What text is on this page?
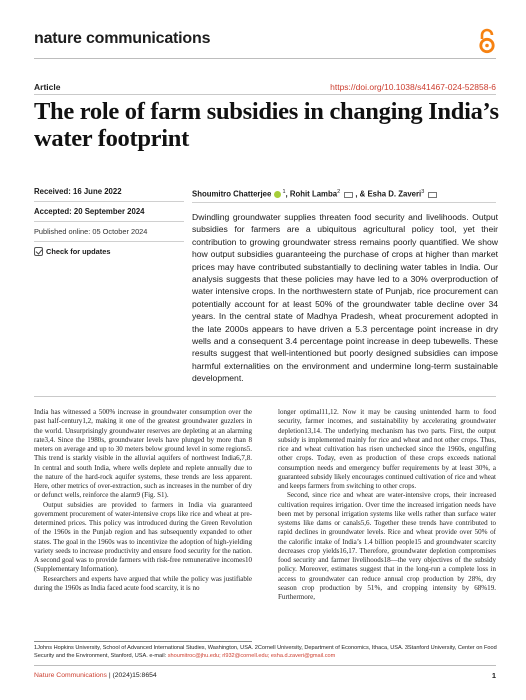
nature communications
Article	https://doi.org/10.1038/s41467-024-52858-6
The role of farm subsidies in changing India’s water footprint
Received: 16 June 2022
Accepted: 20 September 2024
Published online: 05 October 2024
Check for updates
Shoumitro Chatterjee $^1$, Rohit Lamba$^2$ , & Esha D. Zaveri$^3$
Dwindling groundwater supplies threaten food security and livelihoods. Output subsidies for farmers are a ubiquitous agricultural policy tool, yet their contribution to growing groundwater stress remains poorly quantified. We show how output subsidies guaranteeing the purchase of crops at higher than market prices may have contributed substantially to declining water tables in India. Our analysis suggests that these policies may have led to a 30% overproduction of water intensive crops. In the northwestern state of Punjab, rice procurement can potentially account for at least 50% of the groundwater table decline over 34 years. In the central state of Madhya Pradesh, wheat procurement adopted in the late 2000s appears to have driven a 5.3 percentage point increase in dry wells and a consequent 3.4 percentage point increase in deep tubewells. These results suggest that well-intentioned but poorly designed subsidies can impose harmful externalities on the environment and undermine long-term sustainable development.

India has witnessed a 500% increase in groundwater consumption over the past half-century1,2, making it one of the greatest groundwater guzzlers in the world. Unsurprisingly groundwater reserves are depleting at an alarming rate3,4. Since the 1980s, groundwater levels have plunged by more than 8 meters on average and up to 30 meters below ground level in some regions5. This trend is starkly visible in the alluvial aquifers of northwest India6,7,8. In central and south India, where wells deplete and replete annually due to the nature of the hard-rock aquifer systems, these trends are less apparent. Here, other metrics of over-extraction, such as increases in the number of dry or defunct wells, reinforce the alarm9 (Fig. S1).

Output subsidies are provided to farmers in India via guaranteed government procurement of water-intensive crops like rice and wheat at pre-determined prices. This policy was introduced during the Green Revolution of the 1960s in the Punjab region and has subsequently expanded to other states. The goal in the 1960s was to incentivize the adoption of high-yielding variety seeds to increase productivity and ensure food security for the nation. A second goal was to provide farmers with risk-free remunerative incomes10 (Supplementary Information).

Researchers and experts have argued that while the policy was justifiable during the 1960s as India faced acute food scarcity, it is no

longer optimal11,12. Now it may be causing unintended harm to food security, farmer incomes, and sustainability by accelerating groundwater depletion13,14. The underlying mechanism has two parts. First, the output subsidy is implemented mainly for rice and wheat and not other crops. Thus, rice and wheat cultivation has risen unchecked since the 1960s, engulfing other crops. Today, even as production of these crops exceeds national consumption needs and emergency buffer requirements by at least 30%, a guaranteed subsidy likely encourages continued cultivation of rice and wheat and keeps farmers from switching to other crops.

Second, since rice and wheat are water-intensive crops, their increased cultivation requires irrigation. Over time the increased irrigation needs have been met by personal irrigation systems like wells rather than surface water systems like dams or canals5,6. Together these trends have contributed to rapid declines in groundwater levels. Rice and wheat provide over 50% of the calorific intake of India’s 1.4 billion people15 and groundwater scarcity decreases crop yields16,17. Therefore, groundwater depletion compromises food security and farmer livelihoods18—the very objectives of the subsidy policy. Moreover, estimates suggest that in the long-run a complete loss in access to groundwater can reduce annual crop production by 28%, dry season crop production by 51%, and cropping intensity by 68%19. Furthermore,

1Johns Hopkins University, School of Advanced International Studies, Washington, USA. 2Cornell University, Department of Economics, Ithaca, USA. 3Stanford University, Center on Food Security and the Environment, Stanford, USA. e-mail: shoumitroc@jhu.edu; rl932@cornell.edu; esha.d.zaveri@gmail.com
Nature Communications | (2024)15:8654	1
